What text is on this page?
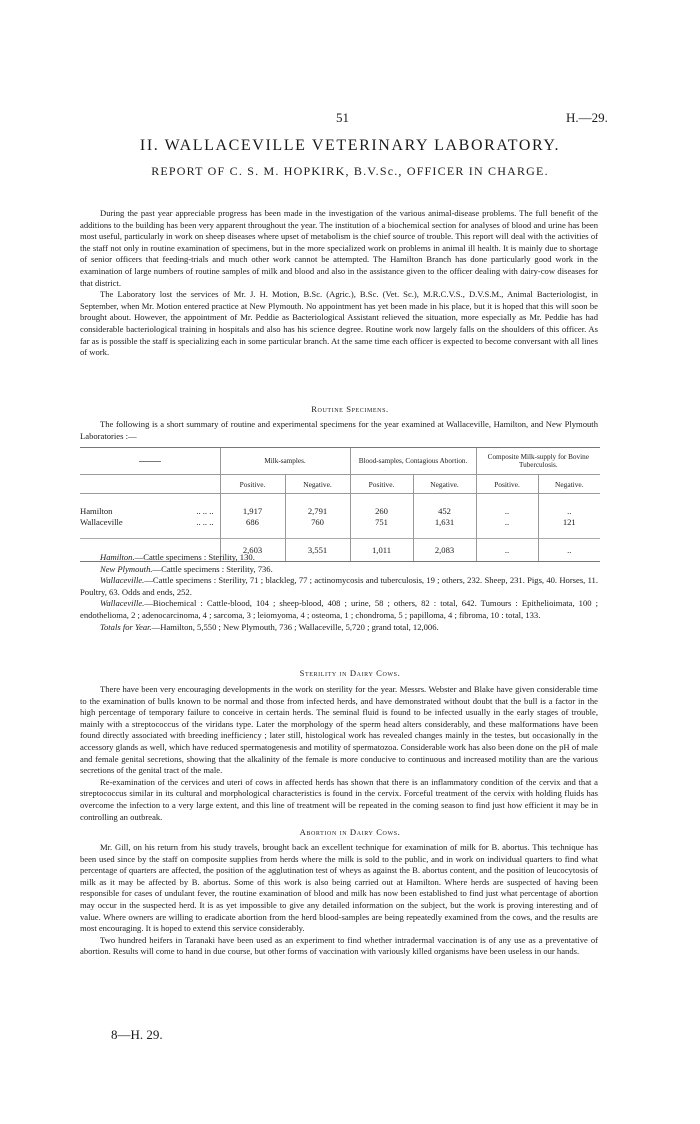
51	H.—29.
II. WALLACEVILLE VETERINARY LABORATORY.
REPORT OF C. S. M. HOPKIRK, B.V.Sc., OFFICER IN CHARGE.

During the past year appreciable progress has been made in the investigation of the various animal-disease problems. The full benefit of the additions to the building has been very apparent throughout the year. The institution of a biochemical section for analyses of blood and urine has been most useful, particularly in work on sheep diseases where upset of metabolism is the chief source of trouble. This report will deal with the activities of the staff not only in routine examination of specimens, but in the more specialized work on problems in animal ill health. It is mainly due to shortage of senior officers that feeding-trials and much other work cannot be attempted. The Hamilton Branch has done particularly good work in the examination of large numbers of routine samples of milk and blood and also in the assistance given to the officer dealing with dairy-cow diseases for that district.

The Laboratory lost the services of Mr. J. H. Motion, B.Sc. (Agric.), B.Sc. (Vet. Sc.), M.R.C.V.S., D.V.S.M., Animal Bacteriologist, in September, when Mr. Motion entered practice at New Plymouth. No appointment has yet been made in his place, but it is hoped that this will soon be brought about. However, the appointment of Mr. Peddie as Bacteriological Assistant relieved the situation, more especially as Mr. Peddie has had considerable bacteriological training in hospitals and also has his science degree. Routine work now largely falls on the shoulders of this officer. As far as is possible the staff is specializing each in some particular branch. At the same time each officer is expected to become conversant with all lines of work.

Routine Specimens.

The following is a short summary of routine and experimental specimens for the year examined at Wallaceville, Hamilton, and New Plymouth Laboratories :—

	Milk-samples.		Blood-samples, Contagious Abortion.		Composite Milk-supply for Bovine Tuberculosis.	
	Positive.	Negative.	Positive.	Negative.	Positive.	Negative.

Hamilton .. .. ..	1,917	2,791	260	452	..	..
Wallaceville .. .. ..	686	760	751	1,631	..	121

	2,603	3,551	1,011	2,083	..	..

Hamilton.—Cattle specimens : Sterility, 130.

New Plymouth.—Cattle specimens : Sterility, 736.

Wallaceville.—Cattle specimens : Sterility, 71 ; blackleg, 77 ; actinomycosis and tuberculosis, 19 ; others, 232. Sheep, 231. Pigs, 40. Horses, 11. Poultry, 63. Odds and ends, 252.

Wallaceville.—Biochemical : Cattle-blood, 104 ; sheep-blood, 408 ; urine, 58 ; others, 82 : total, 642. Tumours : Epithelioimata, 100 ; endothelioma, 2 ; adenocarcinoma, 4 ; sarcoma, 3 ; leiomyoma, 4 ; osteoma, 1 ; chondroma, 5 ; papilloma, 4 ; fibroma, 10 : total, 133.

Totals for Year.—Hamilton, 5,550 ; New Plymouth, 736 ; Wallaceville, 5,720 ; grand total, 12,006.

Sterility in Dairy Cows.

There have been very encouraging developments in the work on sterility for the year. Messrs. Webster and Blake have given considerable time to the examination of bulls known to be normal and those from infected herds, and have demonstrated without doubt that the bull is a factor in the high percentage of temporary failure to conceive in certain herds. The seminal fluid is found to be infected usually in the early stages of trouble, mainly with a streptococcus of the viridans type. Later the morphology of the sperm head alters considerably, and these malformations have been found directly associated with breeding inefficiency ; later still, histological work has revealed changes mainly in the testes, but occasionally in the accessory glands as well, which have reduced spermatogenesis and motility of spermatozoa. Considerable work has also been done on the pH of male and female genital secretions, showing that the alkalinity of the female is more conducive to continuous and increased motility than are the various secretions of the genital tract of the male.

Re-examination of the cervices and uteri of cows in affected herds has shown that there is an inflammatory condition of the cervix and that a streptococcus similar in its cultural and morphological characteristics is found in the cervix. Forceful treatment of the cervix with holding fluids has overcome the infection to a very large extent, and this line of treatment will be repeated in the coming season to find just how efficient it may be in controlling an outbreak.

Abortion in Dairy Cows.

Mr. Gill, on his return from his study travels, brought back an excellent technique for examination of milk for B. abortus. This technique has been used since by the staff on composite supplies from herds where the milk is sold to the public, and in work on individual quarters to find what percentage of quarters are affected, the position of the agglutination test of wheys as against the B. abortus content, and the position of leucocytosis of milk as it may be affected by B. abortus. Some of this work is also being carried out at Hamilton. Where herds are suspected of having been responsible for cases of undulant fever, the routine examination of blood and milk has now been established to find just what percentage of abortion may occur in the suspected herd. It is as yet impossible to give any detailed information on the subject, but the work is proving interesting and of value. Where owners are willing to eradicate abortion from the herd blood-samples are being repeatedly examined from the cows, and the results are most encouraging. It is hoped to extend this service considerably.

Two hundred heifers in Taranaki have been used as an experiment to find whether intradermal vaccination is of any use as a preventative of abortion. Results will come to hand in due course, but other forms of vaccination with variously killed organisms have been useless in our hands.

8—H. 29.
